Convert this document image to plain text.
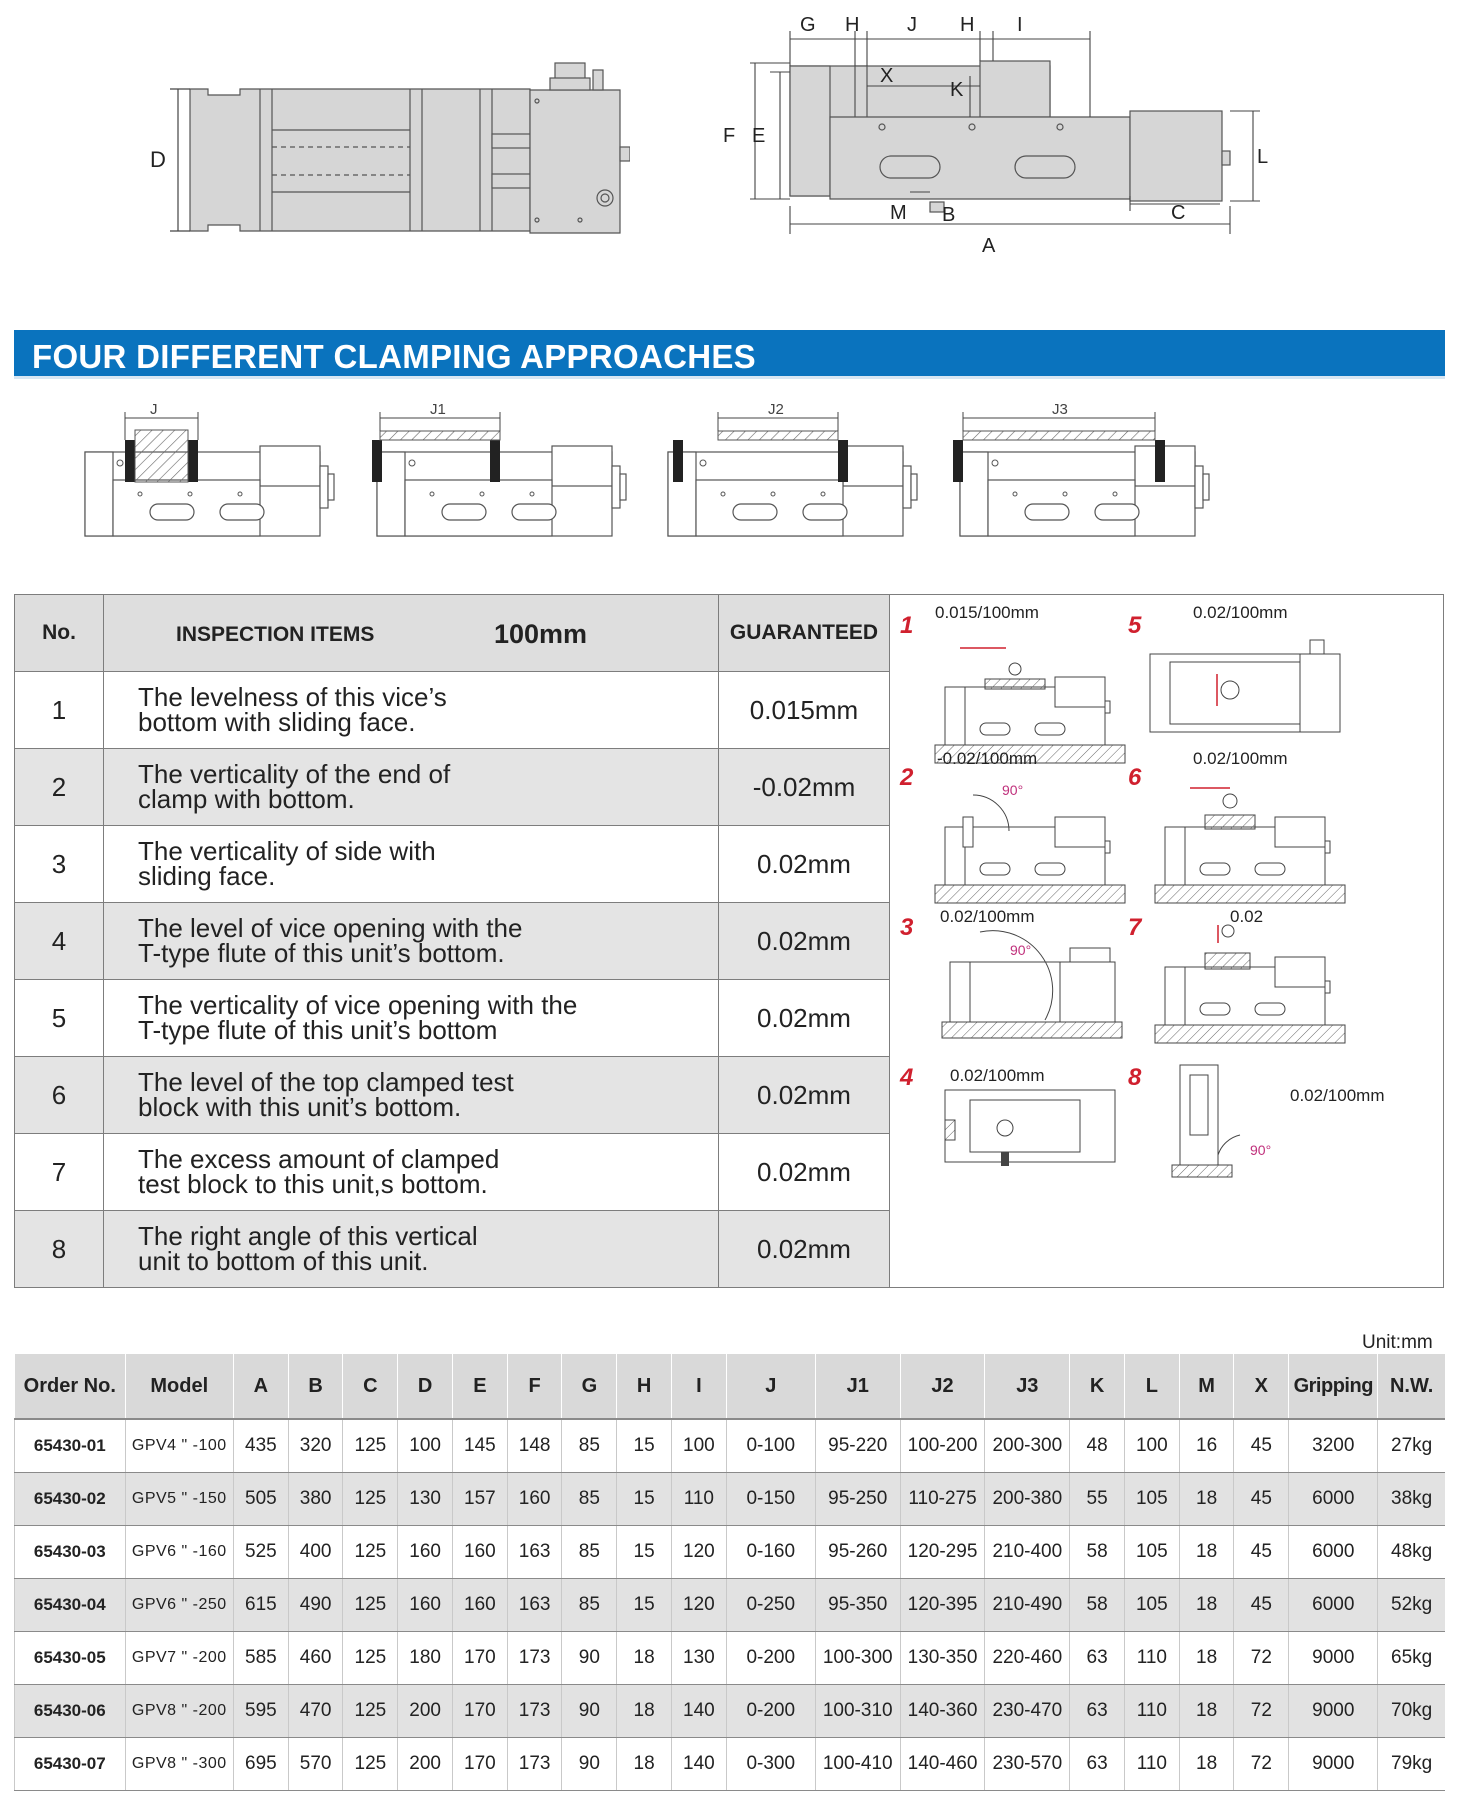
D
G H J H I
X
K
F E
L
M B	C
A
FOUR DIFFERENT CLAMPING APPROACHES
J	J1	J2	J3
No.	INSPECTION ITEMS 100mm	GUARANTEED
1	The levelness of this vice’s
bottom with sliding face.	0.015mm
2	The verticality of the end of
clamp with bottom.	-0.02mm
3	The verticality of side with
sliding face.	0.02mm
4	The level of vice opening with the
T-type flute of this unit’s bottom.	0.02mm
5	The verticality of vice opening with the
T-type flute of this unit’s bottom	0.02mm
6	The level of the top clamped test
block with this unit’s bottom.	0.02mm
7	The excess amount of clamped
test block to this unit,s bottom.	0.02mm
8	The right angle of this vertical
unit to bottom of this unit.	0.02mm
1	5
2	6
3	7
4	8
0.015/100mm	0.02/100mm
-0.02/100mm	0.02/100mm
0.02/100mm	0.02
0.02/100mm
0.02/100mm
90°
90°
90°
Unit:mm
Order No.	Model	A	B	C	D	E	F	G	H	I	J	J1	J2	J3	K	L	M	X	Gripping	N.W.
65430-01	GPV4 " -100	435	320	125	100	145	148	85	15	100	0-100	95-220	100-200	200-300	48	100	16	45	3200	27kg
65430-02	GPV5 " -150	505	380	125	130	157	160	85	15	110	0-150	95-250	110-275	200-380	55	105	18	45	6000	38kg
65430-03	GPV6 " -160	525	400	125	160	160	163	85	15	120	0-160	95-260	120-295	210-400	58	105	18	45	6000	48kg
65430-04	GPV6 " -250	615	490	125	160	160	163	85	15	120	0-250	95-350	120-395	210-490	58	105	18	45	6000	52kg
65430-05	GPV7 " -200	585	460	125	180	170	173	90	18	130	0-200	100-300	130-350	220-460	63	110	18	72	9000	65kg
65430-06	GPV8 " -200	595	470	125	200	170	173	90	18	140	0-200	100-310	140-360	230-470	63	110	18	72	9000	70kg
65430-07	GPV8 " -300	695	570	125	200	170	173	90	18	140	0-300	100-410	140-460	230-570	63	110	18	72	9000	79kg
